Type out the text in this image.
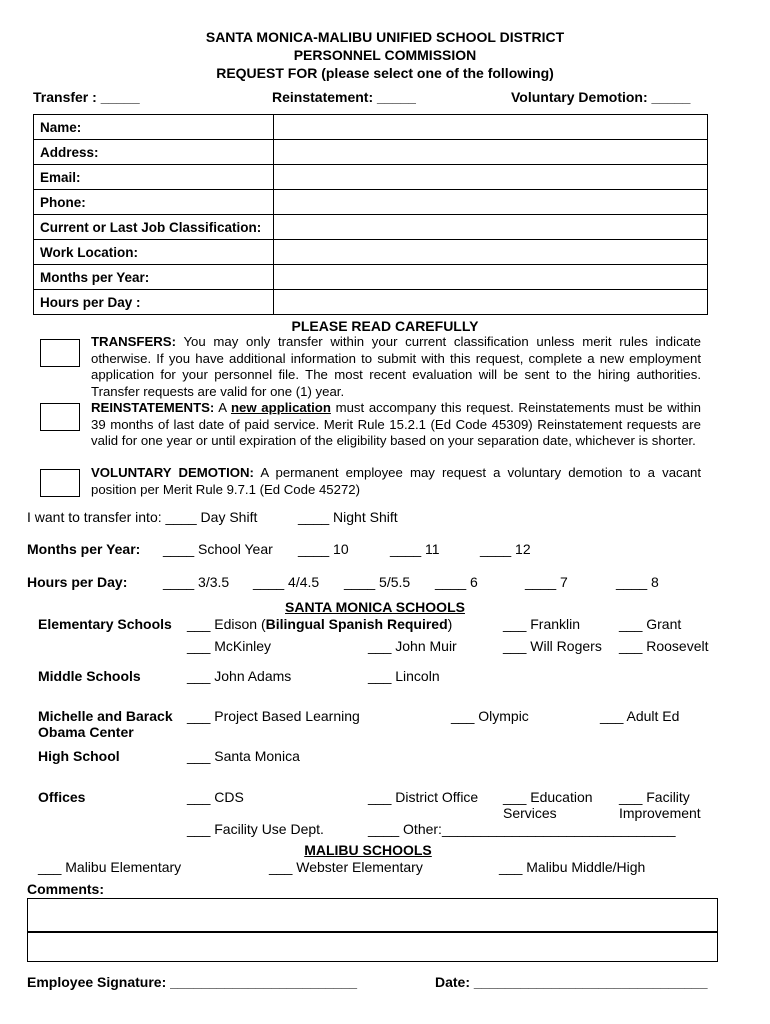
SANTA MONICA-MALIBU UNIFIED SCHOOL DISTRICT
PERSONNEL COMMISSION
REQUEST FOR (please select one of the following)
Transfer : _____	Reinstatement: _____	Voluntary Demotion: _____
Name:	
Address:	
Email:	
Phone:	
Current or Last Job Classification:	
Work Location:	
Months per Year:	
Hours per Day :	
PLEASE READ CAREFULLY
TRANSFERS: You may only transfer within your current classification unless merit rules indicate otherwise. If you have additional information to submit with this request, complete a new employment application for your personnel file. The most recent evaluation will be sent to the hiring authorities. Transfer requests are valid for one (1) year.
REINSTATEMENTS: A new application must accompany this request. Reinstatements must be within 39 months of last date of paid service. Merit Rule 15.2.1 (Ed Code 45309) Reinstatement requests are valid for one year or until expiration of the eligibility based on your separation date, whichever is shorter.
VOLUNTARY DEMOTION: A permanent employee may request a voluntary demotion to a vacant position per Merit Rule 9.7.1 (Ed Code 45272)
I want to transfer into: ____ Day Shift	____ Night Shift
Months per Year: ____ School Year ____ 10	____ 11	____ 12
Hours per Day:	____ 3/3.5 ____ 4/4.5 ____ 5/5.5 ____ 6	____ 7	____ 8
SANTA MONICA SCHOOLS
Elementary Schools ___ Edison (Bilingual Spanish Required)	___ Franklin	___ Grant
___ McKinley	___ John Muir	___ Will Rogers ___ Roosevelt
Middle Schools	___ John Adams	___ Lincoln
Michelle and Barack
Obama Center
___ Project Based Learning	___ Olympic	___ Adult Ed
High School	___ Santa Monica
Offices	___ CDS	___ District Office ___ Education
Services
___ Facility
Improvement
___ Facility Use Dept.	____ Other:______________________________
MALIBU SCHOOLS
___ Malibu Elementary	___ Webster Elementary	___ Malibu Middle/High
Comments:
Employee Signature: ________________________	Date: ______________________________
